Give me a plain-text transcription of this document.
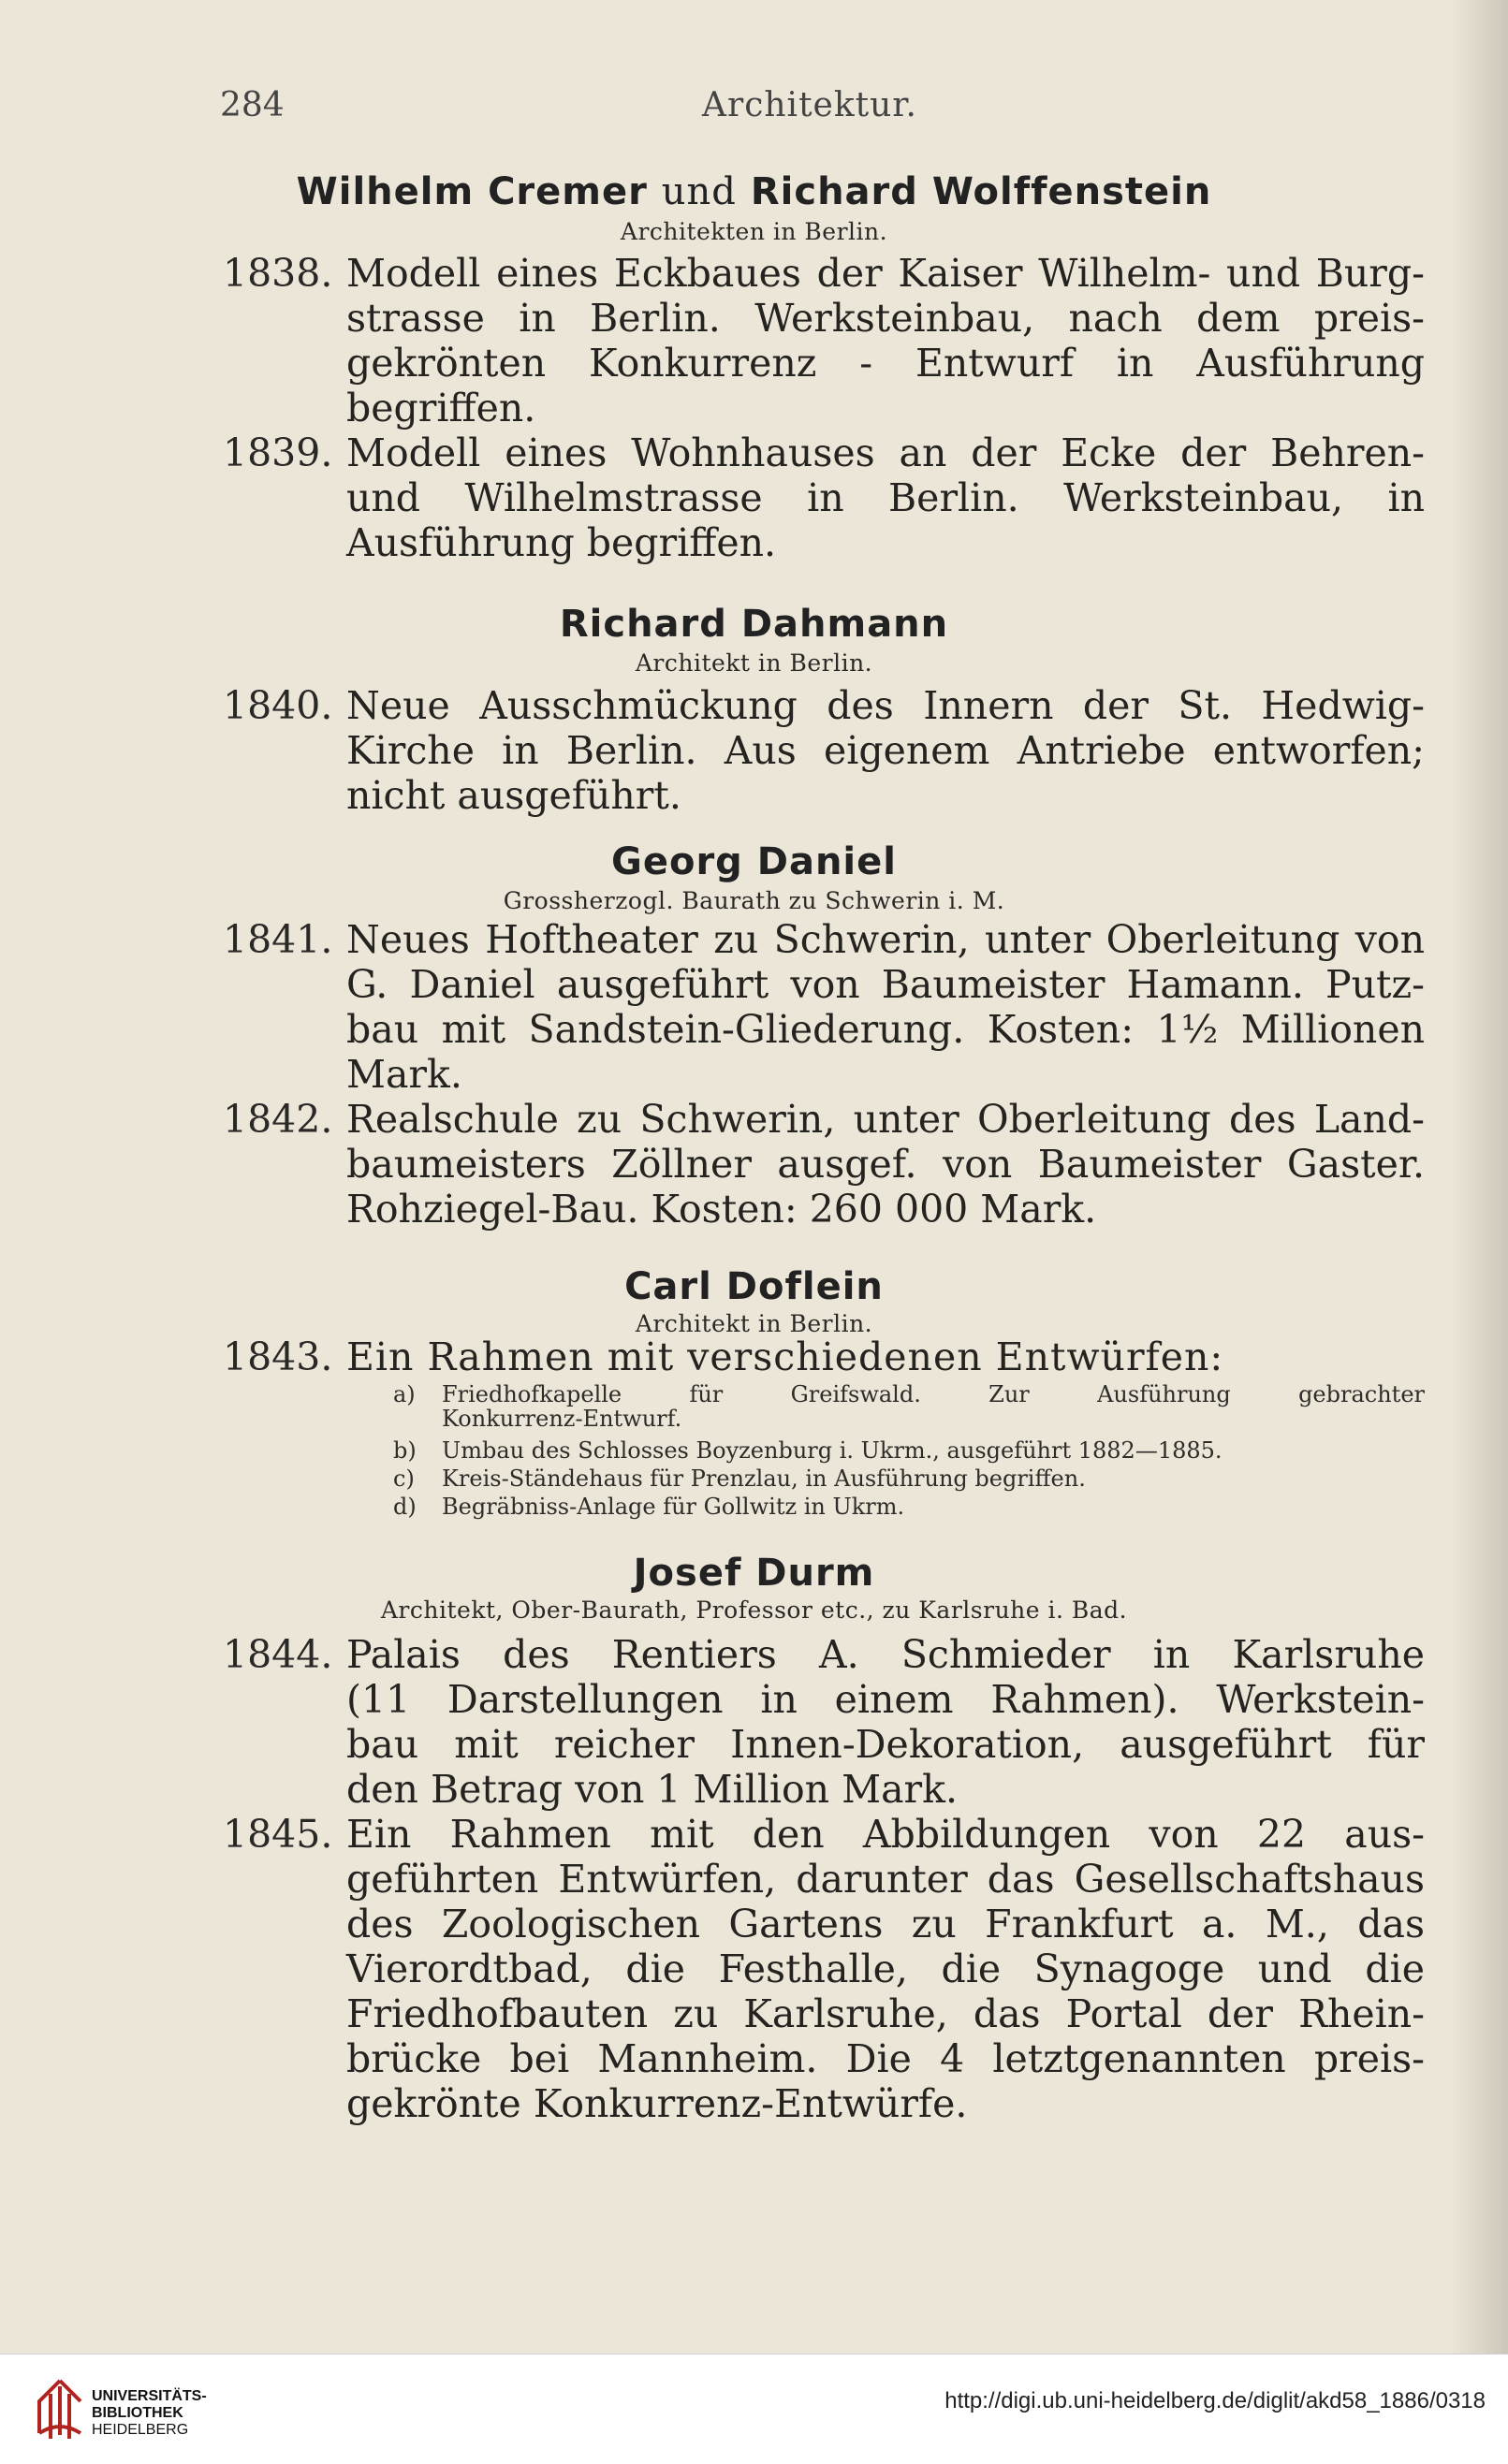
284	Architektur.
Wilhelm Cremer und Richard Wolffenstein
Architekten in Berlin.
1838. Modell eines Eckbaues der Kaiser Wilhelm- und Burg-
strasse in Berlin. Werksteinbau, nach dem preis-
gekrönten Konkurrenz - Entwurf in Ausführung
begriffen.
1839. Modell eines Wohnhauses an der Ecke der Behren-
und Wilhelmstrasse in Berlin. Werksteinbau, in
Ausführung begriffen.
Richard Dahmann
Architekt in Berlin.
1840. Neue Ausschmückung des Innern der St. Hedwig-
Kirche in Berlin. Aus eigenem Antriebe entworfen;
nicht ausgeführt.
Georg Daniel
Grossherzogl. Baurath zu Schwerin i. M.
1841. Neues Hoftheater zu Schwerin, unter Oberleitung von
G. Daniel ausgeführt von Baumeister Hamann. Putz-
bau mit Sandstein-Gliederung. Kosten: 1½ Millionen
Mark.
1842. Realschule zu Schwerin, unter Oberleitung des Land-
baumeisters Zöllner ausgef. von Baumeister Gaster.
Rohziegel-Bau. Kosten: 260 000 Mark.
Carl Doflein
Architekt in Berlin.
1843. Ein Rahmen mit verschiedenen Entwürfen:
a) Friedhofkapelle für Greifswald. Zur Ausführung gebrachter
Konkurrenz-Entwurf.
b) Umbau des Schlosses Boyzenburg i. Ukrm., ausgeführt 1882—1885.
c) Kreis-Ständehaus für Prenzlau, in Ausführung begriffen.
d) Begräbniss-Anlage für Gollwitz in Ukrm.
Josef Durm
Architekt, Ober-Baurath, Professor etc., zu Karlsruhe i. Bad.
1844. Palais des Rentiers A. Schmieder in Karlsruhe
(11 Darstellungen in einem Rahmen). Werkstein-
bau mit reicher Innen-Dekoration, ausgeführt für
den Betrag von 1 Million Mark.
1845. Ein Rahmen mit den Abbildungen von 22 aus-
geführten Entwürfen, darunter das Gesellschaftshaus
des Zoologischen Gartens zu Frankfurt a. M., das
Vierordtbad, die Festhalle, die Synagoge und die
Friedhofbauten zu Karlsruhe, das Portal der Rhein-
brücke bei Mannheim. Die 4 letztgenannten preis-
gekrönte Konkurrenz-Entwürfe.
UNIVERSITÄTS-
BIBLIOTHEK
HEIDELBERG
http://digi.ub.uni-heidelberg.de/diglit/akd58_1886/0318
